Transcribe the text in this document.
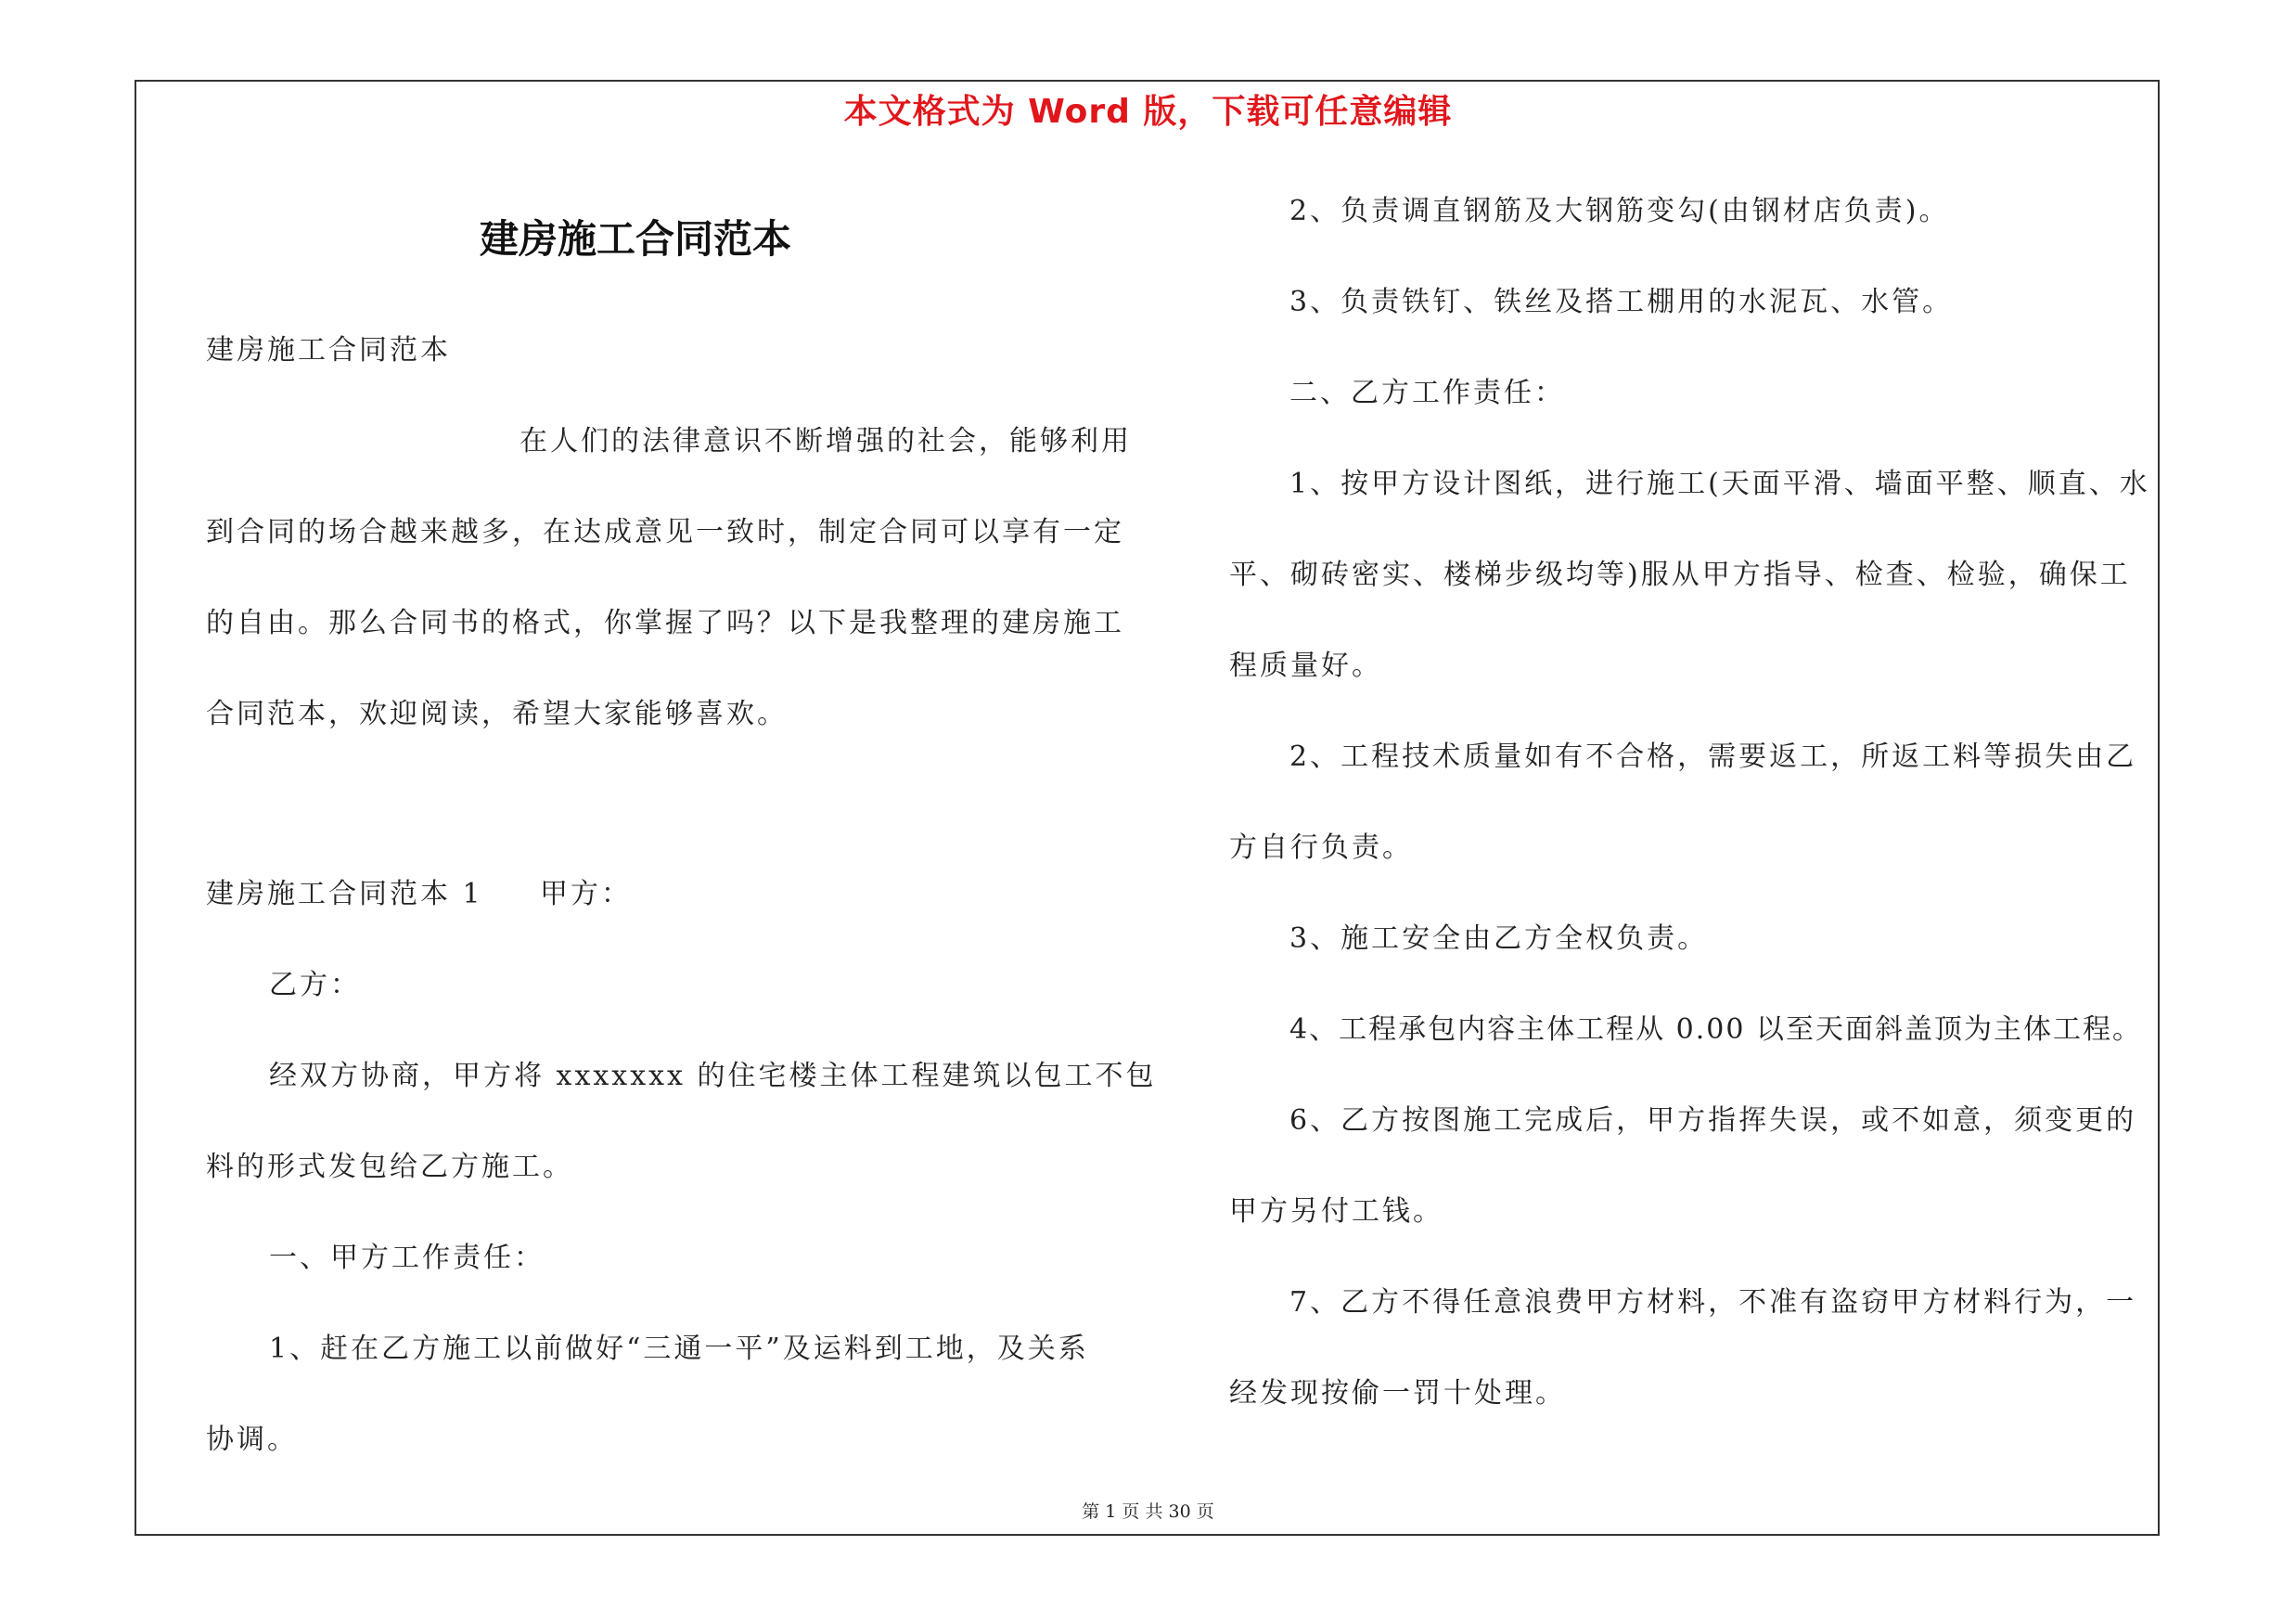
本文格式为 Word 版，下载可任意编辑
建房施工合同范本
建房施工合同范本
在人们的法律意识不断增强的社会，能够利用
到合同的场合越来越多，在达成意见一致时，制定合同可以享有一定
的自由。那么合同书的格式，你掌握了吗？以下是我整理的建房施工
合同范本，欢迎阅读，希望大家能够喜欢。
建房施工合同范本 1 甲方：
乙方：
经双方协商，甲方将 xxxxxxx 的住宅楼主体工程建筑以包工不包
料的形式发包给乙方施工。
一、甲方工作责任：
1、赶在乙方施工以前做好“三通一平”及运料到工地，及关系
协调。
2、负责调直钢筋及大钢筋变勾(由钢材店负责)。
3、负责铁钉、铁丝及搭工棚用的水泥瓦、水管。
二、乙方工作责任：
1、按甲方设计图纸，进行施工(天面平滑、墙面平整、顺直、水
平、砌砖密实、楼梯步级均等)服从甲方指导、检查、检验，确保工
程质量好。
2、工程技术质量如有不合格，需要返工，所返工料等损失由乙
方自行负责。
3、施工安全由乙方全权负责。
4、工程承包内容主体工程从 0.00 以至天面斜盖顶为主体工程。
6、乙方按图施工完成后，甲方指挥失误，或不如意，须变更的
甲方另付工钱。
7、乙方不得任意浪费甲方材料，不准有盗窃甲方材料行为，一
经发现按偷一罚十处理。
第 1 页 共 30 页
